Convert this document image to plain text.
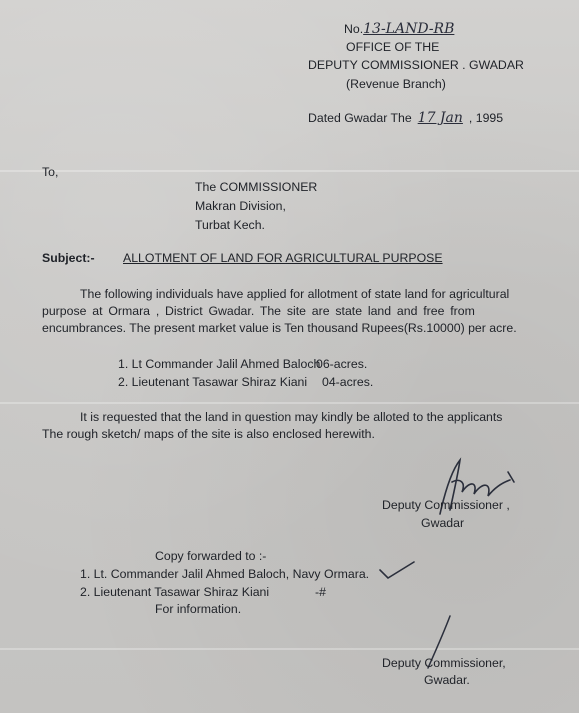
No.13-LAND-RB
OFFICE OF THE
DEPUTY COMMISSIONER . GWADAR
(Revenue Branch)
Dated Gwadar The 17 Jan , 1995
To,
The COMMISSIONER
Makran Division,
Turbat Kech.
Subject:- ALLOTMENT OF LAND FOR AGRICULTURAL PURPOSE
The following individuals have applied for allotment of state land for agricultural
purpose at Ormara , District Gwadar. The site are state land and free from
encumbrances. The present market value is Ten thousand Rupees(Rs.10000) per acre.
1. Lt Commander Jalil Ahmed Baloch
06-acres.
2. Lieutenant Tasawar Shiraz Kiani 04-acres.
It is requested that the land in question may kindly be alloted to the applicants
The rough sketch/ maps of the site is also enclosed herewith.
Deputy Commissioner ,
Gwadar
Copy forwarded to :-
1. Lt. Commander Jalil Ahmed Baloch, Navy Ormara.
2. Lieutenant Tasawar Shiraz Kiani	-#
For information.
Deputy Commissioner,
Gwadar.
